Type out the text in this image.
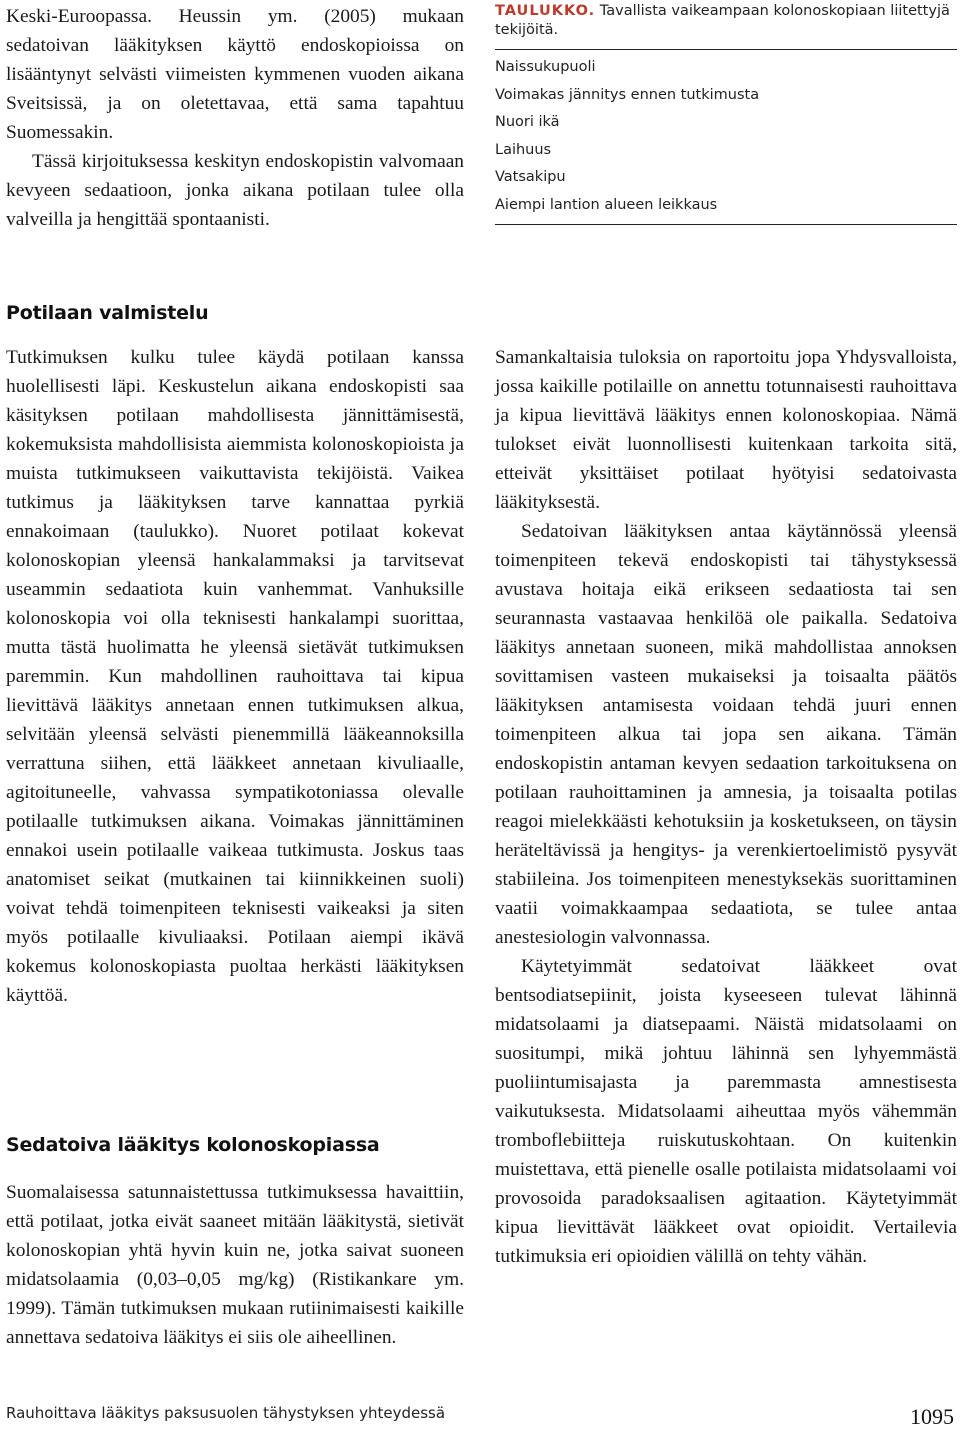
Keski-Euroopassa. Heussin ym. (2005) mukaan sedatoivan lääkityksen käyttö endoskopioissa on lisääntynyt selvästi viimeisten kymmenen vuoden aikana Sveitsissä, ja on oletettavaa, että sama tapahtuu Suomessakin.

Tässä kirjoituksessa keskityn endoskopistin valvomaan kevyeen sedaatioon, jonka aikana potilaan tulee olla valveilla ja hengittää spontaanisti.

TAULUKKO. Tavallista vaikeampaan kolonoskopiaan liitettyjä tekijöitä.
Naissukupuoli
Voimakas jännitys ennen tutkimusta
Nuori ikä
Laihuus
Vatsakipu
Aiempi lantion alueen leikkaus
Potilaan valmistelu

Tutkimuksen kulku tulee käydä potilaan kanssa huolellisesti läpi. Keskustelun aikana endoskopisti saa käsityksen potilaan mahdollisesta jännittämisestä, kokemuksista mahdollisista aiemmista kolonoskopioista ja muista tutkimukseen vaikuttavista tekijöistä. Vaikea tutkimus ja lääkityksen tarve kannattaa pyrkiä ennakoimaan (taulukko). Nuoret potilaat kokevat kolonoskopian yleensä hankalammaksi ja tarvitsevat useammin sedaatiota kuin vanhemmat. Vanhuksille kolonoskopia voi olla teknisesti hankalampi suorittaa, mutta tästä huolimatta he yleensä sietävät tutkimuksen paremmin. Kun mahdollinen rauhoittava tai kipua lievittävä lääkitys annetaan ennen tutkimuksen alkua, selvitään yleensä selvästi pienemmillä lääkeannoksilla verrattuna siihen, että lääkkeet annetaan kivuliaalle, agitoituneelle, vahvassa sympatikotoniassa olevalle potilaalle tutkimuksen aikana. Voimakas jännittäminen ennakoi usein potilaalle vaikeaa tutkimusta. Joskus taas anatomiset seikat (mutkainen tai kiinnikkeinen suoli) voivat tehdä toimenpiteen teknisesti vaikeaksi ja siten myös potilaalle kivuliaaksi. Potilaan aiempi ikävä kokemus kolonoskopiasta puoltaa herkästi lääkityksen käyttöä.

Sedatoiva lääkitys kolonoskopiassa

Suomalaisessa satunnaistettussa tutkimuksessa havaittiin, että potilaat, jotka eivät saaneet mitään lääkitystä, sietivät kolonoskopian yhtä hyvin kuin ne, jotka saivat suoneen midatsolaamia (0,03–0,05 mg/kg) (Ristikankare ym. 1999). Tämän tutkimuksen mukaan rutiinimaisesti kaikille annettava sedatoiva lääkitys ei siis ole aiheellinen.

Samankaltaisia tuloksia on raportoitu jopa Yhdysvalloista, jossa kaikille potilaille on annettu totunnaisesti rauhoittava ja kipua lievittävä lääkitys ennen kolonoskopiaa. Nämä tulokset eivät luonnollisesti kuitenkaan tarkoita sitä, etteivät yksittäiset potilaat hyötyisi sedatoivasta lääkityksestä.

Sedatoivan lääkityksen antaa käytännössä yleensä toimenpiteen tekevä endoskopisti tai tähystyksessä avustava hoitaja eikä erikseen sedaatiosta tai sen seurannasta vastaavaa henkilöä ole paikalla. Sedatoiva lääkitys annetaan suoneen, mikä mahdollistaa annoksen sovittamisen vasteen mukaiseksi ja toisaalta päätös lääkityksen antamisesta voidaan tehdä juuri ennen toimenpiteen alkua tai jopa sen aikana. Tämän endoskopistin antaman kevyen sedaation tarkoituksena on potilaan rauhoittaminen ja amnesia, ja toisaalta potilas reagoi mielekkäästi kehotuksiin ja kosketukseen, on täysin heräteltävissä ja hengitys- ja verenkiertoelimistö pysyvät stabiileina. Jos toimenpiteen menestyksekäs suorittaminen vaatii voimakkaampaa sedaatiota, se tulee antaa anestesiologin valvonnassa.

Käytetyimmät sedatoivat lääkkeet ovat bentsodiatsepiinit, joista kyseeseen tulevat lähinnä midatsolaami ja diatsepaami. Näistä midatsolaami on suositumpi, mikä johtuu lähinnä sen lyhyemmästä puoliintumisajasta ja paremmasta amnestisesta vaikutuksesta. Midatsolaami aiheuttaa myös vähemmän tromboflebiitteja ruiskutuskohtaan. On kuitenkin muistettava, että pienelle osalle potilaista midatsolaami voi provosoida paradoksaalisen agitaation. Käytetyimmät kipua lievittävät lääkkeet ovat opioidit. Vertailevia tutkimuksia eri opioidien välillä on tehty vähän.

Rauhoittava lääkitys paksusuolen tähystyksen yhteydessä	1095
